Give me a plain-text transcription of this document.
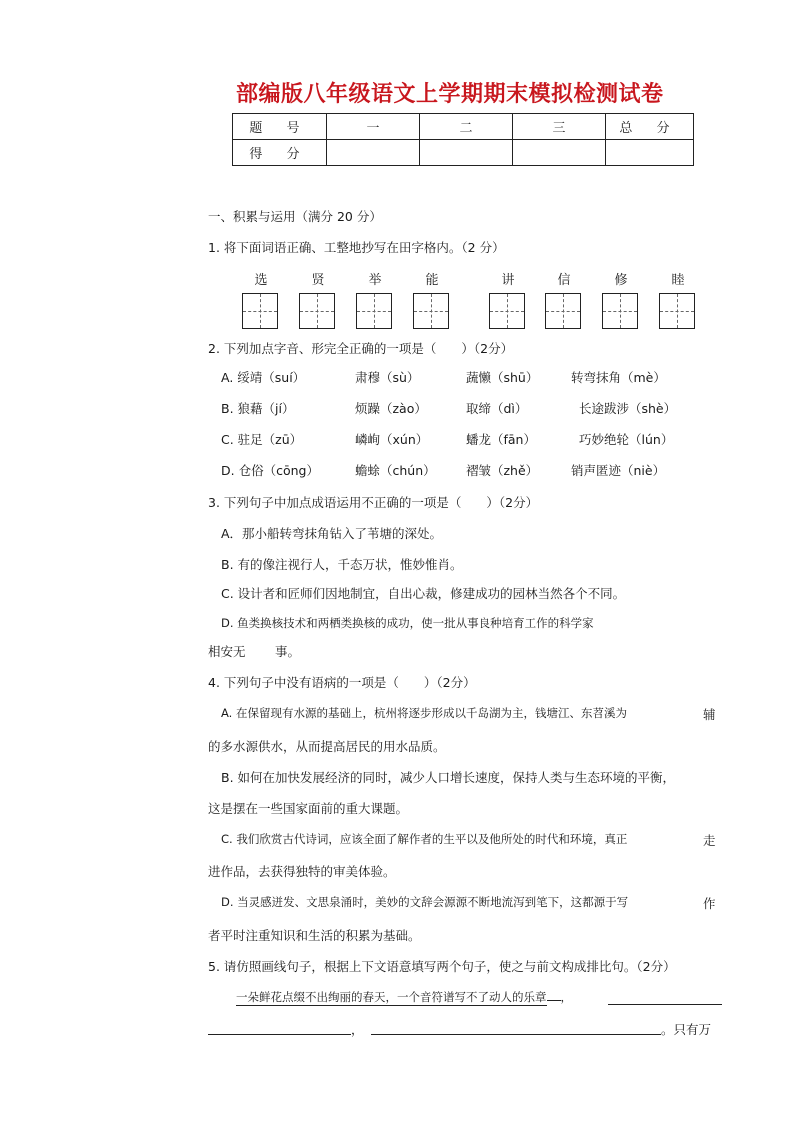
部编版八年级语文上学期期末模拟检测试卷
题 号	一	二	三	总 分
得 分				
一、积累与运用（满分 20 分）
1. 将下面词语正确、工整地抄写在田字格内。（2 分）
选	贤	举	能	讲	信	修	睦
2. 下列加点字音、形完全正确的一项是（　　）（2分）
A. 绥靖（suí）	肃穆（sù）	蔬懒（shū）	转弯抹角（mè）
B. 狼藉（jí）	烦躁（zào）	取缔（dì）	长途跋涉（shè）
C. 驻足（zū）	嶙峋（xún）	蟠龙（fān）	巧妙绝轮（lún）
D. 仓俗（cōng）	蟾蜍（chún） 褶皱（zhě）	销声匿迹（niè）
3. 下列句子中加点成语运用不正确的一项是（　　）（2分）
A．那小船转弯抹角钻入了苇塘的深处。
B. 有的像注视行人，千态万状，惟妙惟肖。
C. 设计者和匠师们因地制宜，自出心裁，修建成功的园林当然各个不同。
D. 鱼类换核技术和两栖类换核的成功，使一批从事良种培育工作的科学家
相安无 事。
4. 下列句子中没有语病的一项是（　　）（2分）
A. 在保留现有水源的基础上，杭州将逐步形成以千岛湖为主，钱塘江、东苕溪为	辅
的多水源供水，从而提高居民的用水品质。
B. 如何在加快发展经济的同时，减少人口增长速度，保持人类与生态环境的平衡，
这是摆在一些国家面前的重大课题。
C. 我们欣赏古代诗词，应该全面了解作者的生平以及他所处的时代和环境，真正	走
进作品，去获得独特的审美体验。
D. 当灵感迸发、文思泉涌时，美妙的文辞会源源不断地流泻到笔下，这都源于写	作
者平时注重知识和生活的积累为基础。
5. 请仿照画线句子，根据上下文语意填写两个句子，使之与前文构成排比句。（2分）
一朵鲜花点缀不出绚丽的春天，一个音符谱写不了动人的乐章 ，
，	。只有万
